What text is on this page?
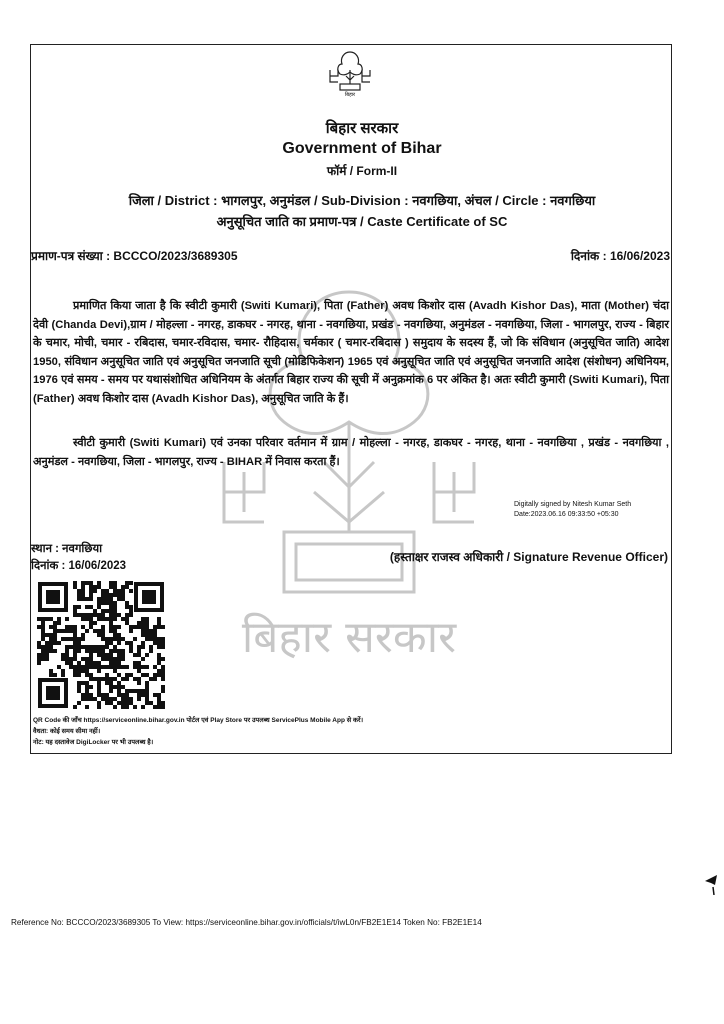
बिहार
बिहार सरकार
Government of Bihar
फॉर्म / Form-II
जिला / District : भागलपुर, अनुमंडल / Sub-Division : नवगछिया, अंचल / Circle : नवगछिया
अनुसूचित जाति का प्रमाण-पत्र / Caste Certificate of SC
प्रमाण-पत्र संख्या : BCCCO/2023/3689305	दिनांक : 16/06/2023
बिहार सरकार
प्रमाणित किया जाता है कि स्वीटी कुमारी (Switi Kumari), पिता (Father) अवध किशोर दास (Avadh Kishor Das), माता (Mother) चंदा देवी (Chanda Devi),ग्राम / मोहल्ला - नगरह, डाकघर - नगरह, थाना - नवगछिया, प्रखंड - नवगछिया, अनुमंडल - नवगछिया, जिला - भागलपुर, राज्य - बिहार के चमार, मोची, चमार - रबिदास, चमार-रविदास, चमार- रौहिदास, चर्मकार ( चमार-रबिदास ) समुदाय के सदस्य हैं, जो कि संविधान (अनुसूचित जाति) आदेश 1950, संविधान अनुसूचित जाति एवं अनुसूचित जनजाति सूची (मोडिफिकेशन) 1965 एवं अनुसूचित जाति एवं अनुसूचित जनजाति आदेश (संशोधन) अधिनियम, 1976 एवं समय - समय पर यथासंशोधित अधिनियम के अंतर्गत बिहार राज्य की सूची में अनुक्रमांक 6 पर अंकित है। अतः स्वीटी कुमारी (Switi Kumari), पिता (Father) अवध किशोर दास (Avadh Kishor Das), अनुसूचित जाति के हैं।
स्वीटी कुमारी (Switi Kumari) एवं उनका परिवार वर्तमान में ग्राम / मोहल्ला - नगरह, डाकघर - नगरह, थाना - नवगछिया , प्रखंड - नवगछिया , अनुमंडल - नवगछिया, जिला - भागलपुर, राज्य - BIHAR में निवास करता हैं।
Digitally signed by Nitesh Kumar Seth
Date:2023.06.16 09:33:50 +05:30
स्थान : नवगछिया
दिनांक : 16/06/2023
(हस्ताक्षर राजस्व अधिकारी / Signature Revenue Officer)
QR Code की जाँच https://serviceonline.bihar.gov.in पोर्टल एवं Play Store पर उपलब्ध ServicePlus Mobile App से करें।
वैधता: कोई समय सीमा नहीं।
नोट: यह दस्तावेज DigiLocker पर भी उपलब्ध है।
Reference No: BCCCO/2023/3689305 To View: https://serviceonline.bihar.gov.in/officials/t/iwL0n/FB2E1E14 Token No: FB2E1E14
